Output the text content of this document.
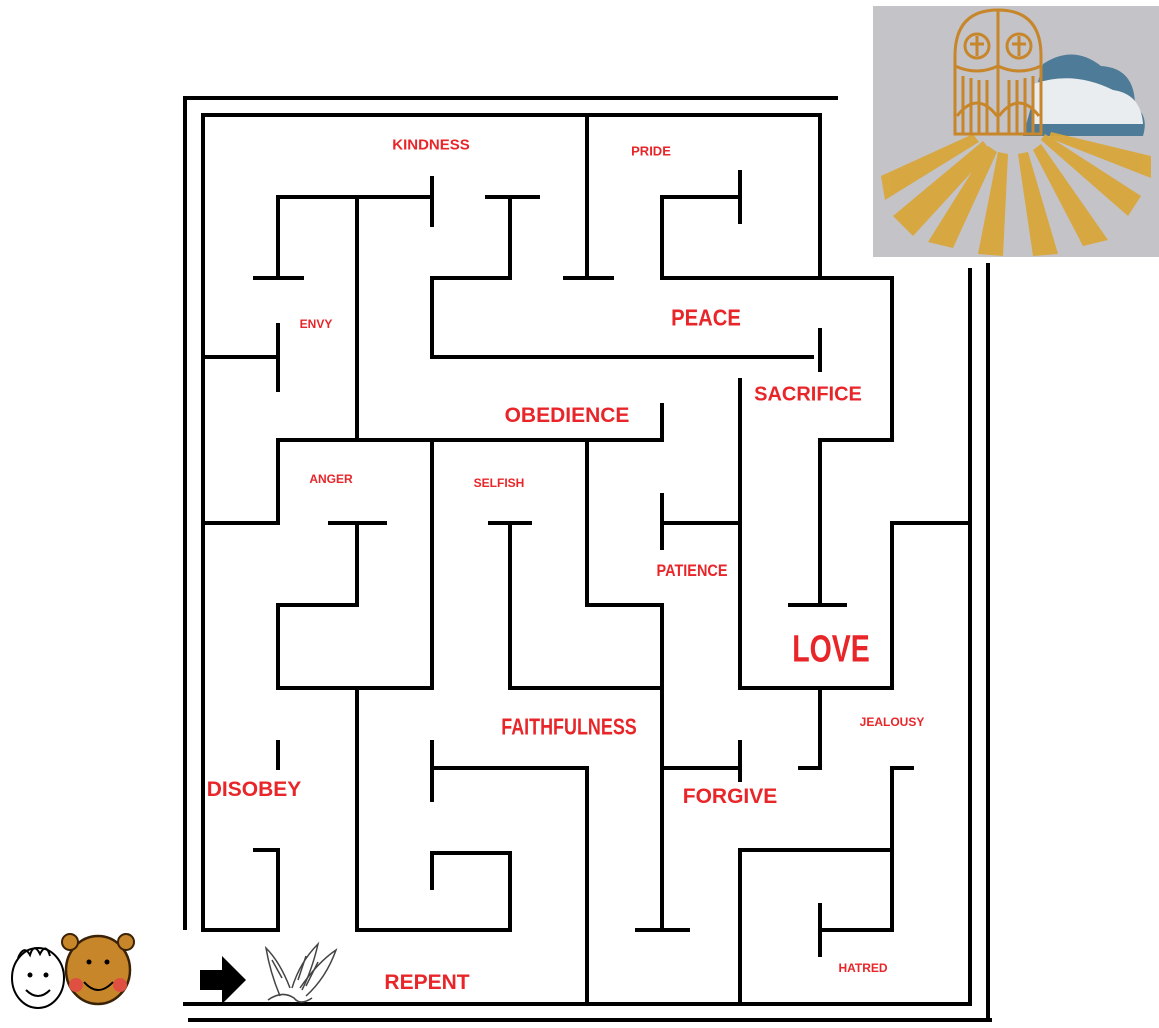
KINDNESS	PRIDE
ENVY	PEACE
SACRIFICE
OBEDIENCE
ANGER	SELFISH
PATIENCE
LOVE
FAITHFULNESS	JEALOUSY
DISOBEY	FORGIVE
HATRED
REPENT
